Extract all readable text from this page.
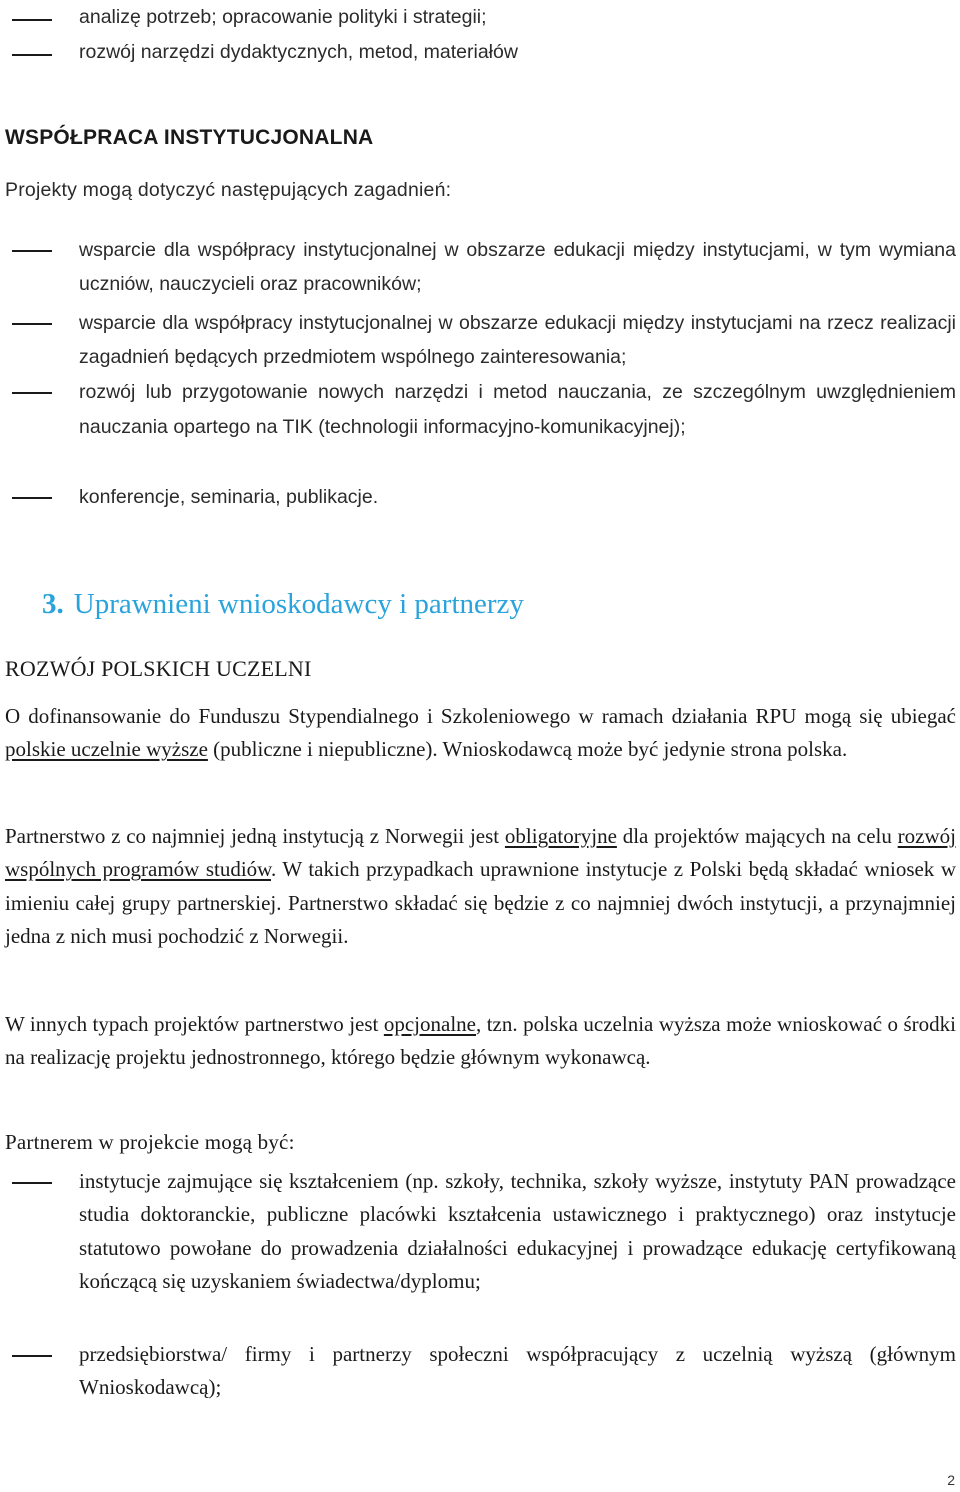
analizę potrzeb; opracowanie polityki i strategii;
rozwój narzędzi dydaktycznych, metod, materiałów
WSPÓŁPRACA INSTYTUCJONALNA
Projekty mogą dotyczyć następujących zagadnień:
wsparcie dla współpracy instytucjonalnej w obszarze edukacji między instytucjami, w tym wymiana uczniów, nauczycieli oraz pracowników;
wsparcie dla współpracy instytucjonalnej w obszarze edukacji między instytucjami na rzecz realizacji zagadnień będących przedmiotem wspólnego zainteresowania;
rozwój lub przygotowanie nowych narzędzi i metod nauczania, ze szczególnym uwzględnieniem nauczania opartego na TIK (technologii informacyjno-komunikacyjnej);
konferencje, seminaria, publikacje.
3. Uprawnieni wnioskodawcy i partnerzy
ROZWÓJ POLSKICH UCZELNI
O dofinansowanie do Funduszu Stypendialnego i Szkoleniowego w ramach działania RPU mogą się ubiegać polskie uczelnie wyższe (publiczne i niepubliczne). Wnioskodawcą może być jedynie strona polska.
Partnerstwo z co najmniej jedną instytucją z Norwegii jest obligatoryjne dla projektów mających na celu rozwój wspólnych programów studiów. W takich przypadkach uprawnione instytucje z Polski będą składać wniosek w imieniu całej grupy partnerskiej. Partnerstwo składać się będzie z co najmniej dwóch instytucji, a przynajmniej jedna z nich musi pochodzić z Norwegii.
W innych typach projektów partnerstwo jest opcjonalne, tzn. polska uczelnia wyższa może wnioskować o środki na realizację projektu jednostronnego, którego będzie głównym wykonawcą.
Partnerem w projekcie mogą być:
instytucje zajmujące się kształceniem (np. szkoły, technika, szkoły wyższe, instytuty PAN prowadzące studia doktoranckie, publiczne placówki kształcenia ustawicznego i praktycznego) oraz instytucje statutowo powołane do prowadzenia działalności edukacyjnej i prowadzące edukację certyfikowaną kończącą się uzyskaniem świadectwa/dyplomu;
przedsiębiorstwa/ firmy i partnerzy społeczni współpracujący z uczelnią wyższą (głównym Wnioskodawcą);
2
